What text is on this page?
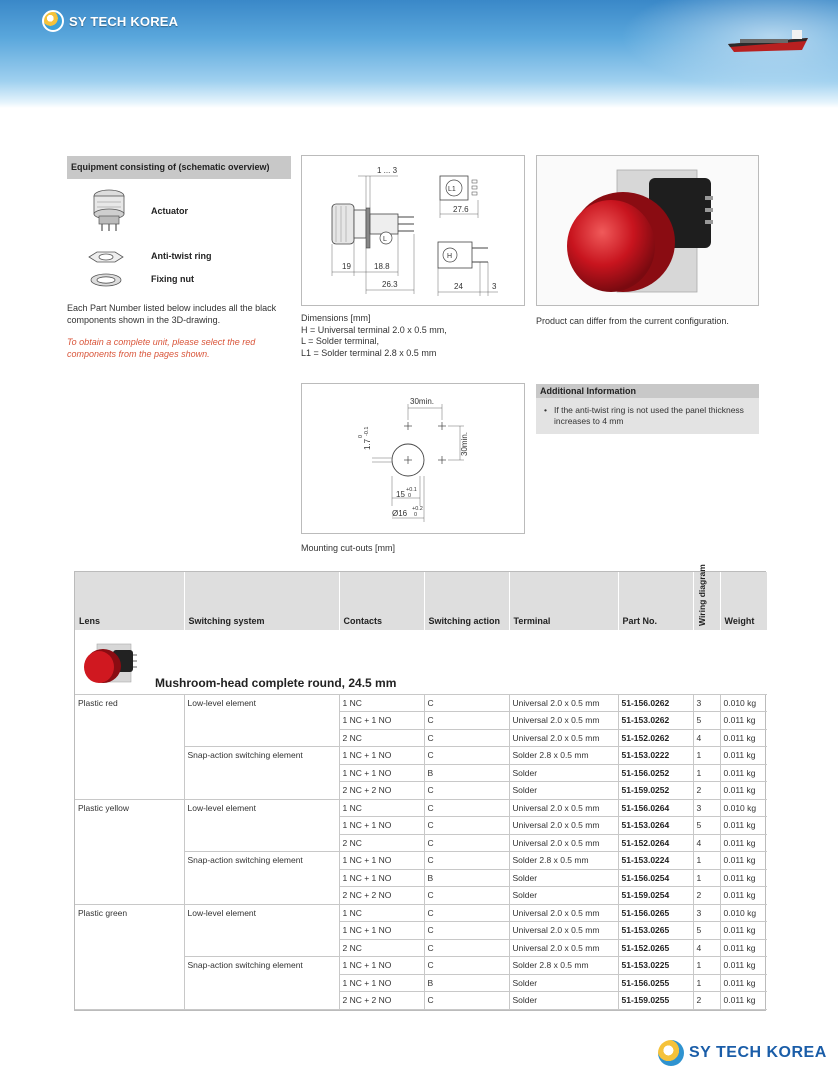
SY TECH KOREA
Equipment consisting of (schematic overview)
Actuator
Anti-twist ring
Fixing nut
Each Part Number listed below includes all the black components shown in the 3D-drawing.
To obtain a complete unit, please select the red components from the pages shown.
L
1 ... 3
19	18.8
26.3
L1
27.6
H
24	3
Dimensions [mm]
H = Universal terminal 2.0 x 0.5 mm,
L = Solder terminal,
L1 = Solder terminal 2.8 x 0.5 mm
Product can differ from the current configuration.
30min.
30min.
1.7
0
-0.1
15 +0.1
0
Ø16 +0.2
0
Mounting cut-outs [mm]
Additional Information
• If the anti-twist ring is not used the panel thickness increases to 4 mm
Lens	Switching system	Contacts	Switching action	Terminal	Part No.	Wiring diagram	Weight

Mushroom-head complete round, 24.5 mm							

Plastic red	Low-level element	1 NC	C	Universal 2.0 x 0.5 mm	51-156.0262	3	0.010 kg
		1 NC + 1 NO	C	Universal 2.0 x 0.5 mm	51-153.0262	5	0.011 kg
		2 NC	C	Universal 2.0 x 0.5 mm	51-152.0262	4	0.011 kg
	Snap-action switching element	1 NC + 1 NO	C	Solder 2.8 x 0.5 mm	51-153.0222	1	0.011 kg
		1 NC + 1 NO	B	Solder	51-156.0252	1	0.011 kg
		2 NC + 2 NO	C	Solder	51-159.0252	2	0.011 kg
Plastic yellow	Low-level element	1 NC	C	Universal 2.0 x 0.5 mm	51-156.0264	3	0.010 kg
		1 NC + 1 NO	C	Universal 2.0 x 0.5 mm	51-153.0264	5	0.011 kg
		2 NC	C	Universal 2.0 x 0.5 mm	51-152.0264	4	0.011 kg
	Snap-action switching element	1 NC + 1 NO	C	Solder 2.8 x 0.5 mm	51-153.0224	1	0.011 kg
		1 NC + 1 NO	B	Solder	51-156.0254	1	0.011 kg
		2 NC + 2 NO	C	Solder	51-159.0254	2	0.011 kg
Plastic green	Low-level element	1 NC	C	Universal 2.0 x 0.5 mm	51-156.0265	3	0.010 kg
		1 NC + 1 NO	C	Universal 2.0 x 0.5 mm	51-153.0265	5	0.011 kg
		2 NC	C	Universal 2.0 x 0.5 mm	51-152.0265	4	0.011 kg
	Snap-action switching element	1 NC + 1 NO	C	Solder 2.8 x 0.5 mm	51-153.0225	1	0.011 kg
		1 NC + 1 NO	B	Solder	51-156.0255	1	0.011 kg
		2 NC + 2 NO	C	Solder	51-159.0255	2	0.011 kg
SY TECH KOREA
